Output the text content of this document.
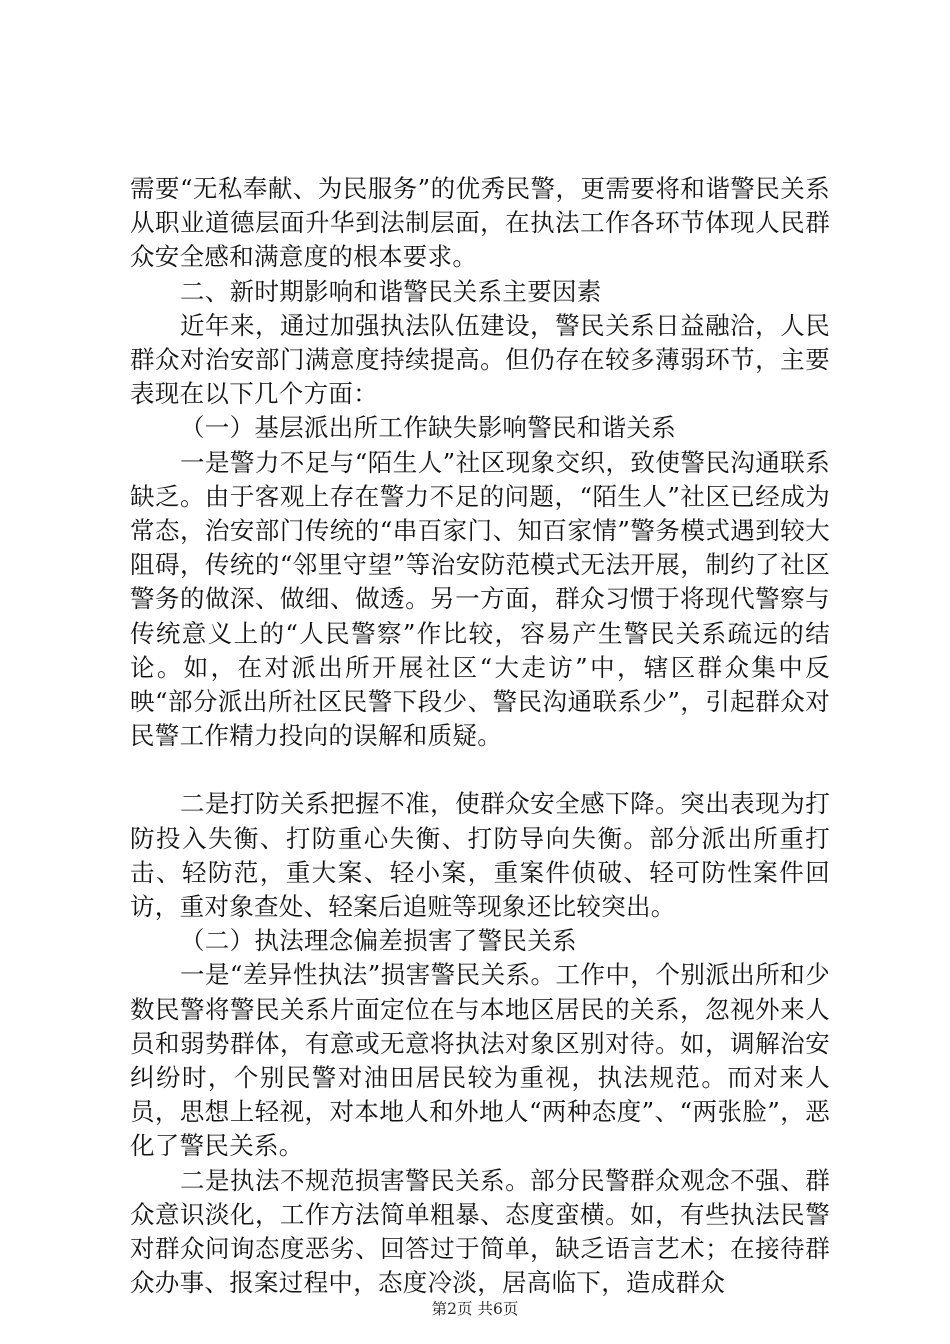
需要“无私奉献、为民服务”的优秀民警，更需要将和谐警民关系从职业道德层面升华到法制层面，在执法工作各环节体现人民群众安全感和满意度的根本要求。

二、新时期影响和谐警民关系主要因素

近年来，通过加强执法队伍建设，警民关系日益融洽，人民群众对治安部门满意度持续提高。但仍存在较多薄弱环节，主要表现在以下几个方面：

（一）基层派出所工作缺失影响警民和谐关系

一是警力不足与“陌生人”社区现象交织，致使警民沟通联系缺乏。由于客观上存在警力不足的问题，“陌生人”社区已经成为常态，治安部门传统的“串百家门、知百家情”警务模式遇到较大阻碍，传统的“邻里守望”等治安防范模式无法开展，制约了社区警务的做深、做细、做透。另一方面，群众习惯于将现代警察与传统意义上的“人民警察”作比较，容易产生警民关系疏远的结论。如，在对派出所开展社区“大走访”中，辖区群众集中反映“部分派出所社区民警下段少、警民沟通联系少”，引起群众对民警工作精力投向的误解和质疑。

二是打防关系把握不准，使群众安全感下降。突出表现为打防投入失衡、打防重心失衡、打防导向失衡。部分派出所重打击、轻防范，重大案、轻小案，重案件侦破、轻可防性案件回访，重对象查处、轻案后追赃等现象还比较突出。

（二）执法理念偏差损害了警民关系

一是“差异性执法”损害警民关系。工作中，个别派出所和少数民警将警民关系片面定位在与本地区居民的关系，忽视外来人员和弱势群体，有意或无意将执法对象区别对待。如，调解治安纠纷时，个别民警对油田居民较为重视，执法规范。而对来人员，思想上轻视，对本地人和外地人“两种态度”、“两张脸”，恶化了警民关系。

二是执法不规范损害警民关系。部分民警群众观念不强、群众意识淡化，工作方法简单粗暴、态度蛮横。如，有些执法民警对群众问询态度恶劣、回答过于简单，缺乏语言艺术；在接待群众办事、报案过程中，态度冷淡，居高临下，造成群众

第2页 共6页
